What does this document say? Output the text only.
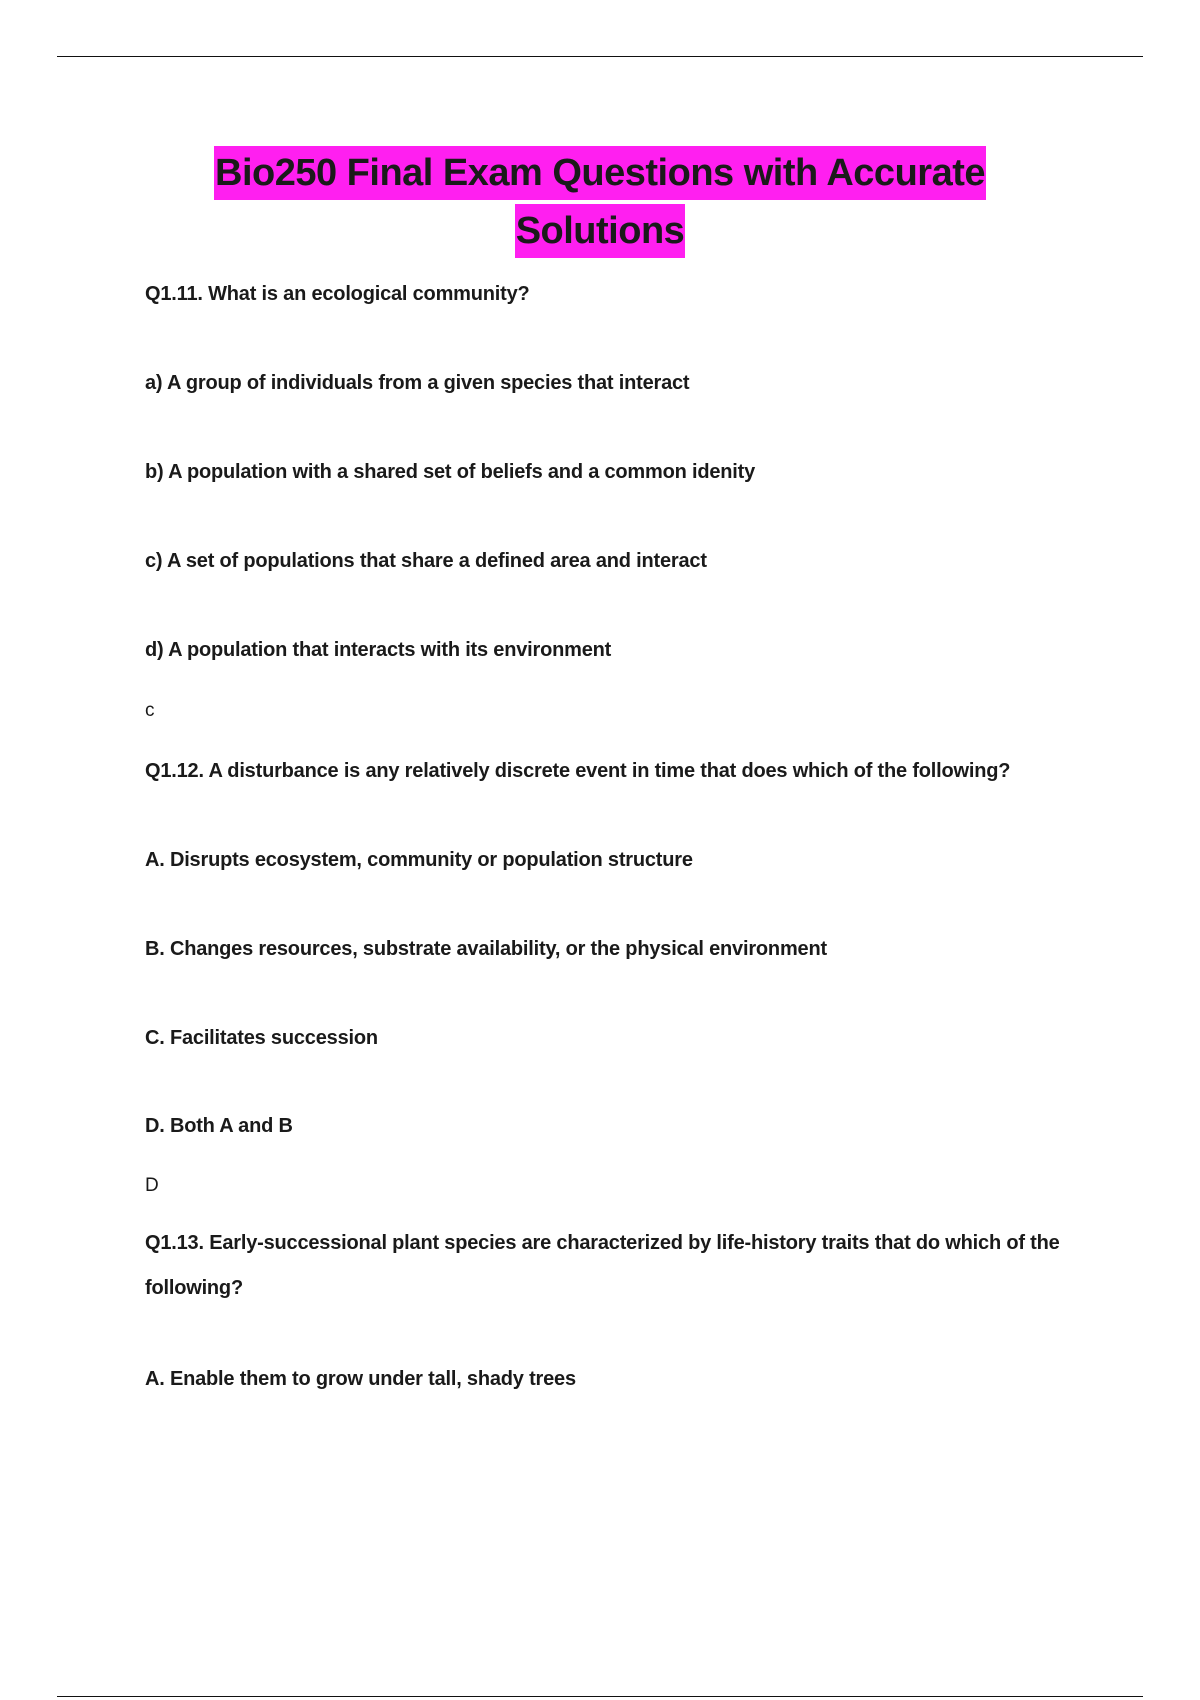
Bio250 Final Exam Questions with Accurate
Solutions
Q1.11. What is an ecological community?
a) A group of individuals from a given species that interact
b) A population with a shared set of beliefs and a common idenity
c) A set of populations that share a defined area and interact
d) A population that interacts with its environment
c
Q1.12. A disturbance is any relatively discrete event in time that does which of the following?
A. Disrupts ecosystem, community or population structure
B. Changes resources, substrate availability, or the physical environment
C. Facilitates succession
D. Both A and B
D
Q1.13. Early-successional plant species are characterized by life-history traits that do which of the following?
A. Enable them to grow under tall, shady trees
